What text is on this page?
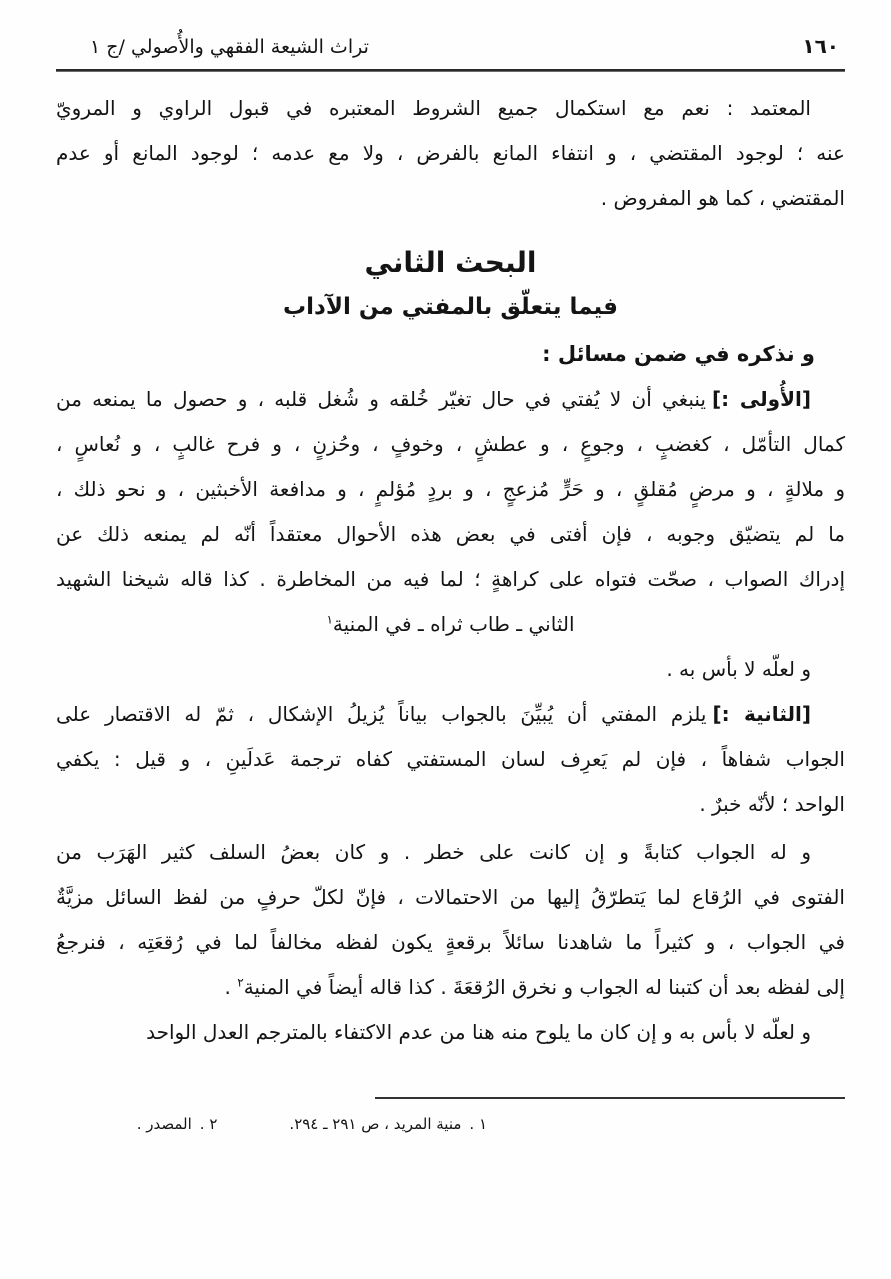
تراث الشيعة الفقهي والأُصولي /ج ١	١٦٠
المعتمد : نعم مع استكمال جميع الشروط المعتبره في قبول الراوي و المرويّ
عنه ؛ لوجود المقتضي ، و انتفاء المانع بالفرض ، ولا مع عدمه ؛ لوجود المانع أو عدم
المقتضي ، كما هو المفروض .
البحث الثاني
فيما يتعلّق بالمفتي من الآداب
و نذكره في ضمن مسائل :
[الأُولى :]ينبغي أن لا يُفتي في حال تغيّر خُلقه و شُغل قلبه ، و حصول ما يمنعه من
كمال التأمّل ، كغضبٍ ، وجوعٍ ، و عطشٍ ، وخوفٍ ، وحُزنٍ ، و فرح غالبٍ ، و نُعاسٍ ،
و ملالةٍ ، و مرضٍ مُقلقٍ ، و حَرٍّ مُزعجٍ ، و بردٍ مُؤلمٍ ، و مدافعة الأخبثين ، و نحو ذلك ،
ما لم يتضيّق وجوبه ، فإن أفتى في بعض هذه الأحوال معتقداً أنّه لم يمنعه ذلك عن
إدراك الصواب ، صحّت فتواه على كراهةٍ ؛ لما فيه من المخاطرة . كذا قاله شيخنا الشهيد
الثاني ـ طاب ثراه ـ في المنية$^١$
و لعلّه لا بأس به .
[الثانية :]يلزم المفتي أن يُبيِّنَ بالجواب بياناً يُزيلُ الإشكال ، ثمّ له الاقتصار على
الجواب شفاهاً ، فإن لم يَعرِف لسان المستفتي كفاه ترجمة عَدلَينِ ، و قيل : يكفي
الواحد ؛ لأنّه خبرٌ .
و له الجواب كتابةً و إن كانت على خطر . و كان بعضُ السلف كثير الهَرَب من
الفتوى في الرُقاع لما يَتطرّقُ إليها من الاحتمالات ، فإنّ لكلّ حرفٍ من لفظ السائل مزيَّةٌ
في الجواب ، و كثيراً ما شاهدنا سائلاً برقعةٍ يكون لفظه مخالفاً لما في رُقعَتِه ، فنرجعُ
إلى لفظه بعد أن كتبنا له الجواب و نخرق الرُقعَةَ . كذا قاله أيضاً في المنية$^٢$ .
و لعلّه لا بأس به و إن كان ما يلوح منه هنا من عدم الاكتفاء بالمترجم العدل الواحد
١ .منية المريد ، ص ٢٩١ ـ ٢٩٤.
٢ .المصدر .
